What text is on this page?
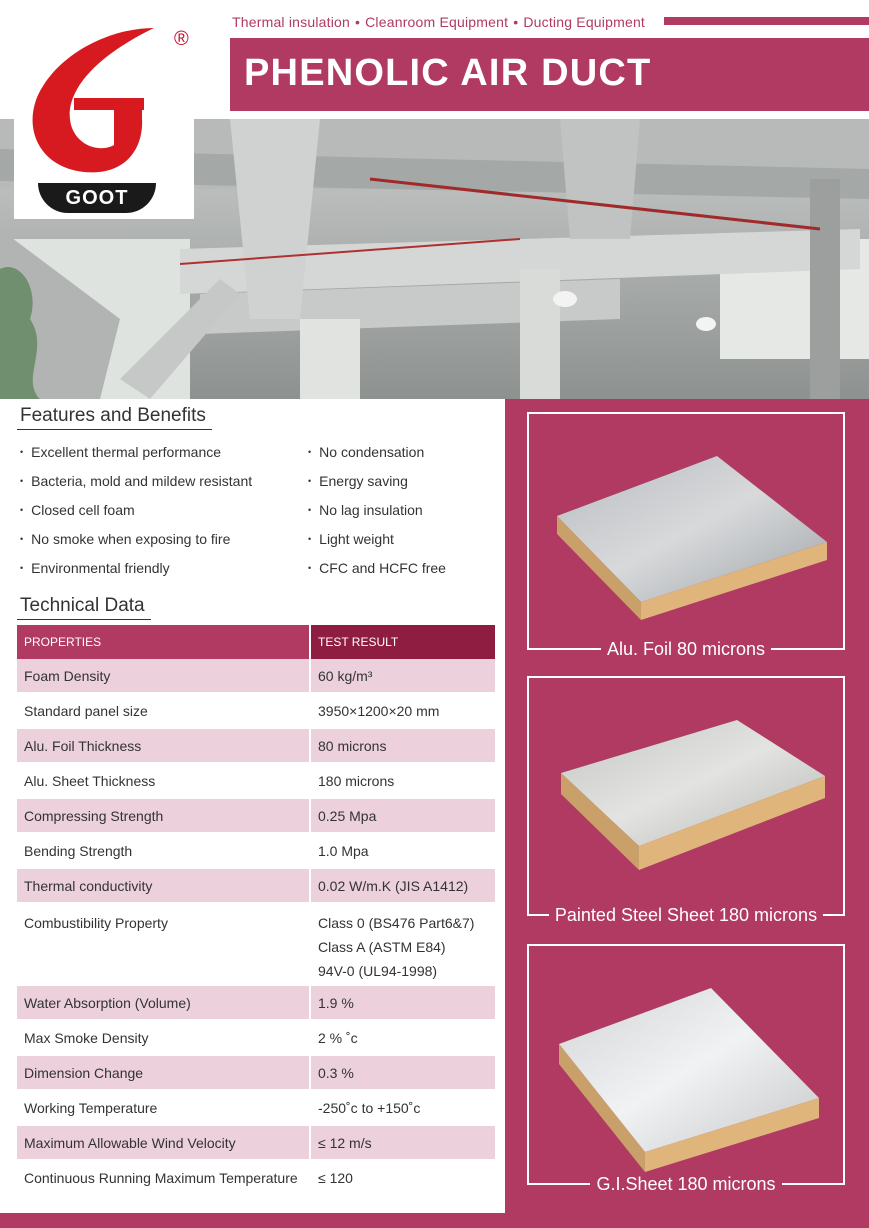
Thermal insulation • Cleanroom Equipment • Ducting Equipment
PHENOLIC AIR DUCT
®
GOOT
Features and Benefits
• Excellent thermal performance
• Bacteria, mold and mildew resistant
• Closed cell foam
• No smoke when exposing to fire
• Environmental friendly
• No condensation
• Energy saving
• No lag insulation
• Light weight
• CFC and HCFC free
Technical Data
PROPERTIES	TEST RESULT
Foam Density	60 kg/m³
Standard panel size	3950×1200×20 mm
Alu. Foil Thickness	80 microns
Alu. Sheet Thickness	180 microns
Compressing Strength	0.25 Mpa
Bending Strength	1.0 Mpa
Thermal conductivity	0.02 W/m.K (JIS A1412)
Combustibility Property	Class 0 (BS476 Part6&7)
Class A (ASTM E84)
94V-0 (UL94-1998)

Water Absorption (Volume)	1.9 %
Max Smoke Density	2 % ˚c
Dimension Change	0.3 %
Working Temperature	-250˚c to +150˚c
Maximum Allowable Wind Velocity	≤ 12 m/s
Continuous Running Maximum Temperature	≤ 120
Alu. Foil 80 microns
Painted Steel Sheet 180 microns
G.I.Sheet 180 microns
